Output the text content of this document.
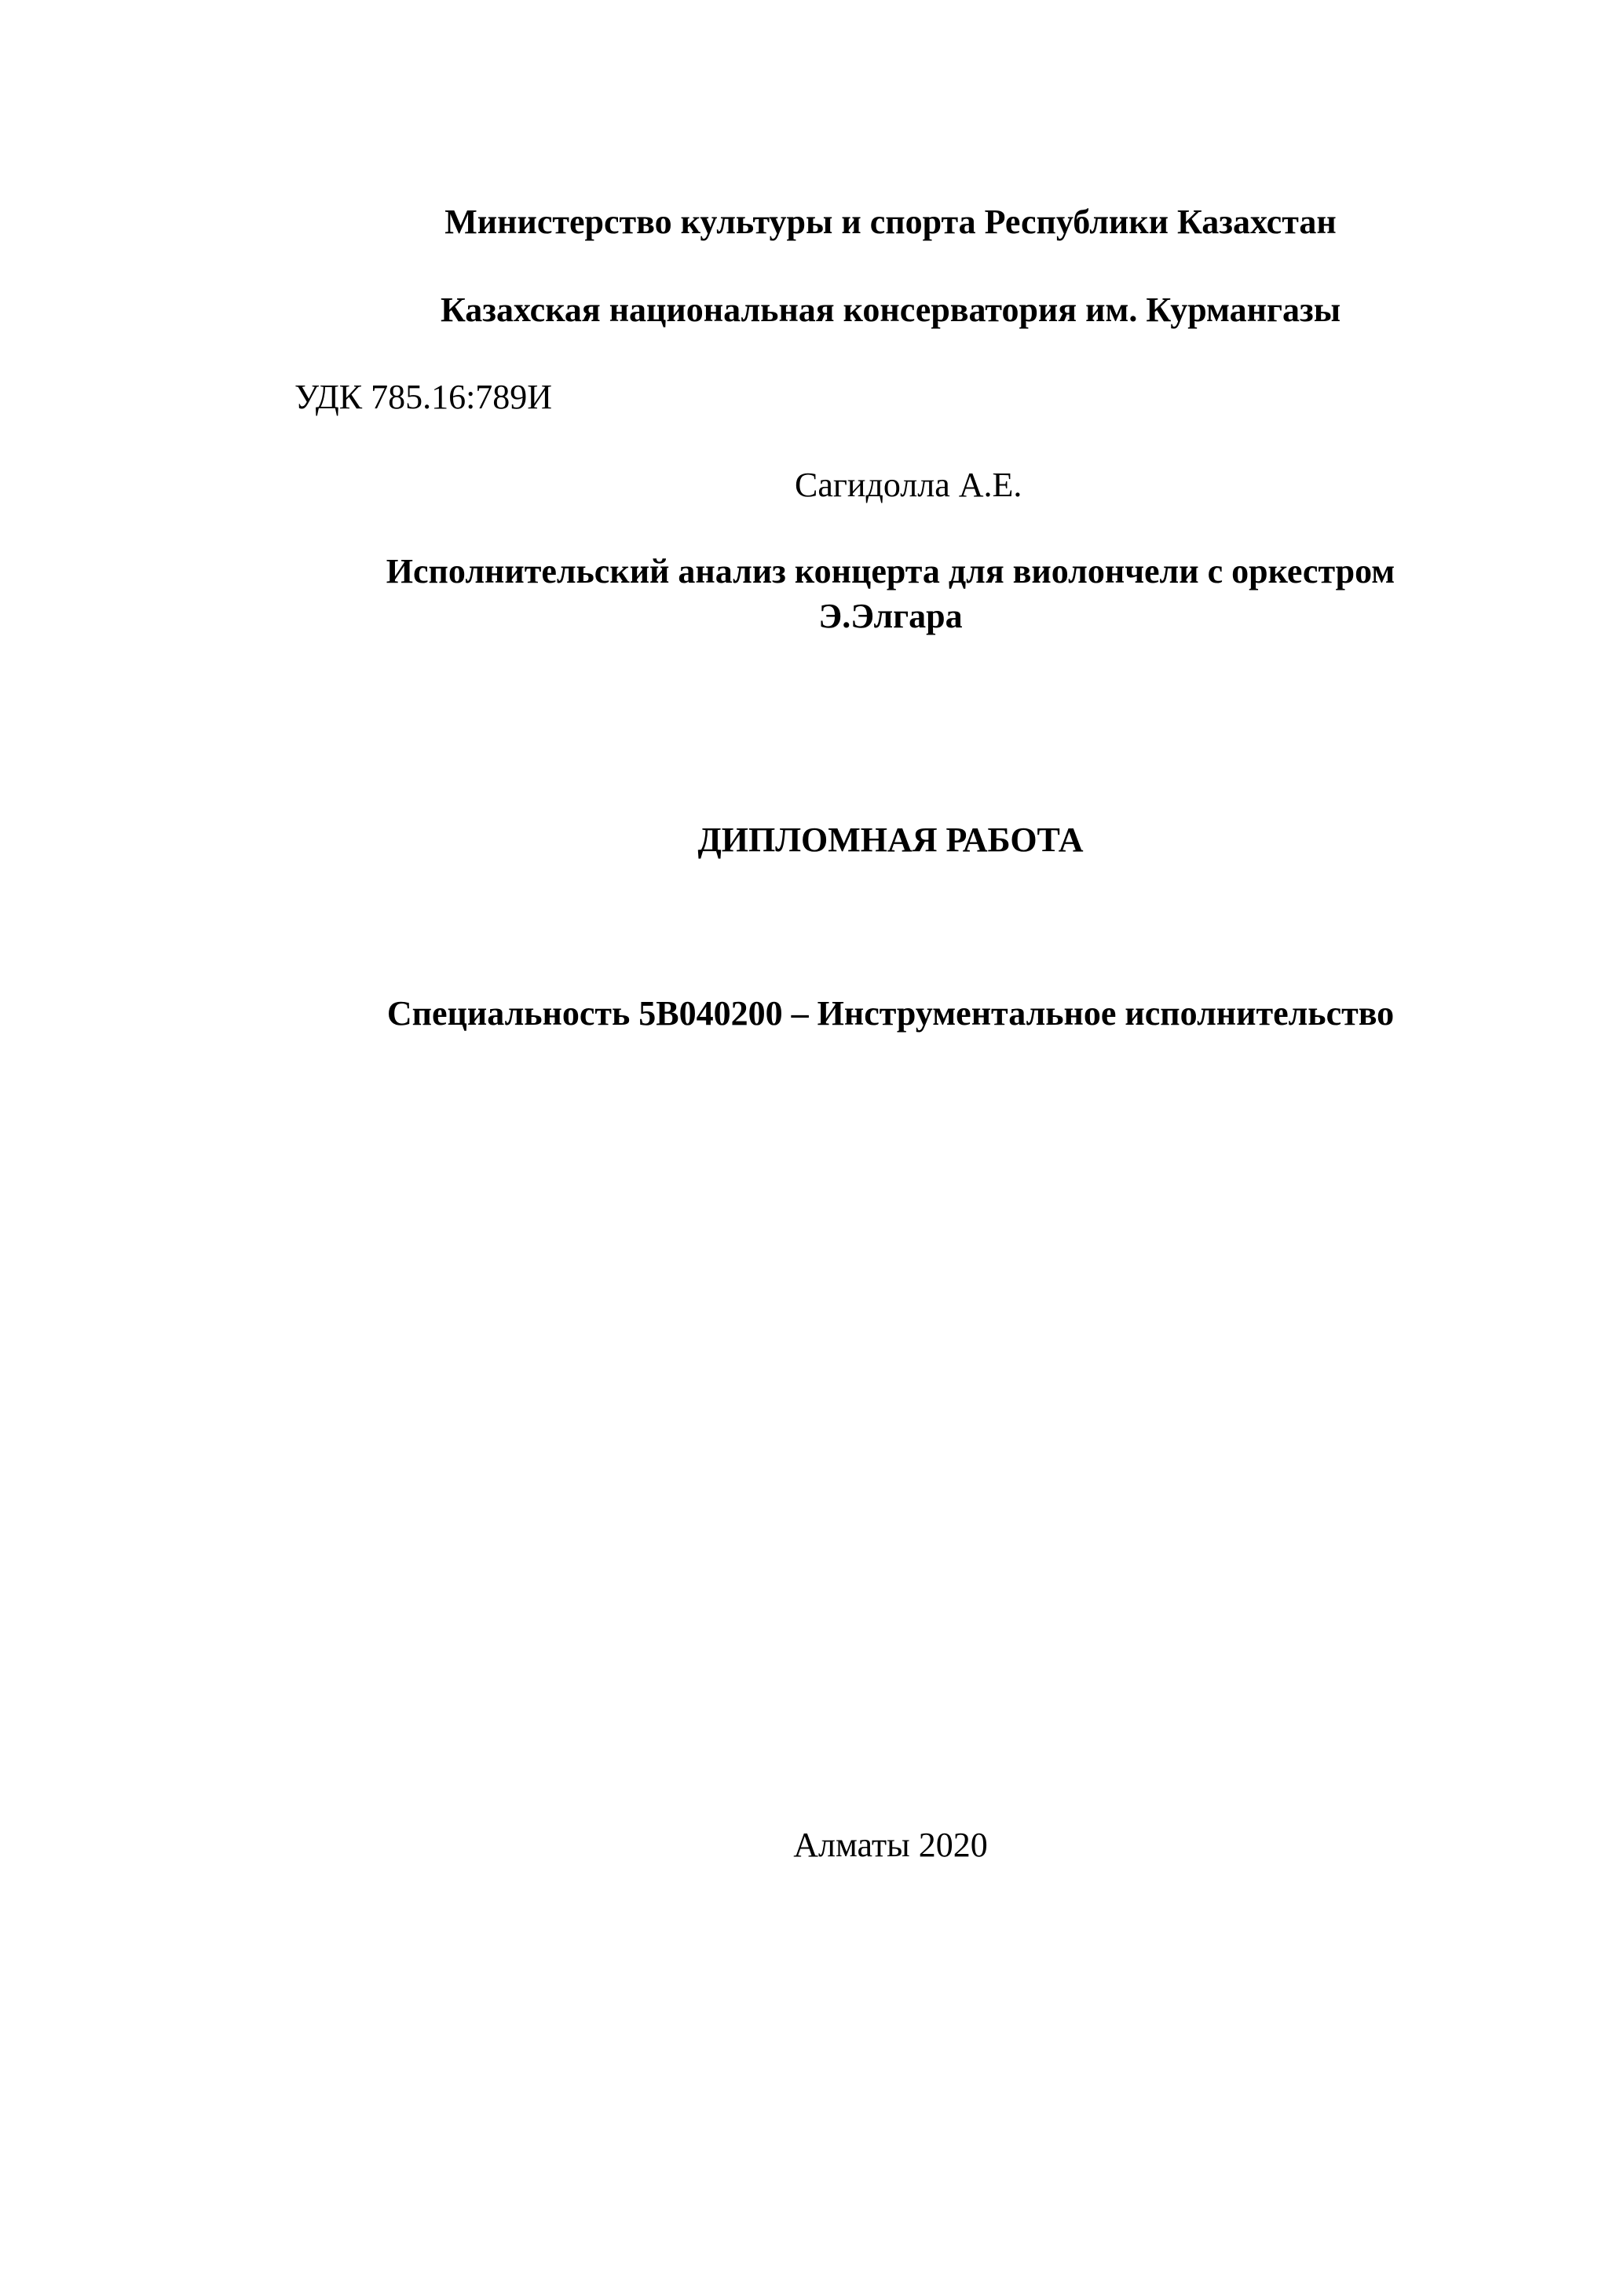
Министерство культуры и спорта Республики Казахстан
Казахская национальная консерватория им. Курмангазы
УДК 785.16:789И
Сагидолла А.Е.
Исполнительский анализ концерта для виолончели с оркестром
Э.Элгара
ДИПЛОМНАЯ РАБОТА
Специальность 5В040200 – Инструментальное исполнительство
Алматы 2020
